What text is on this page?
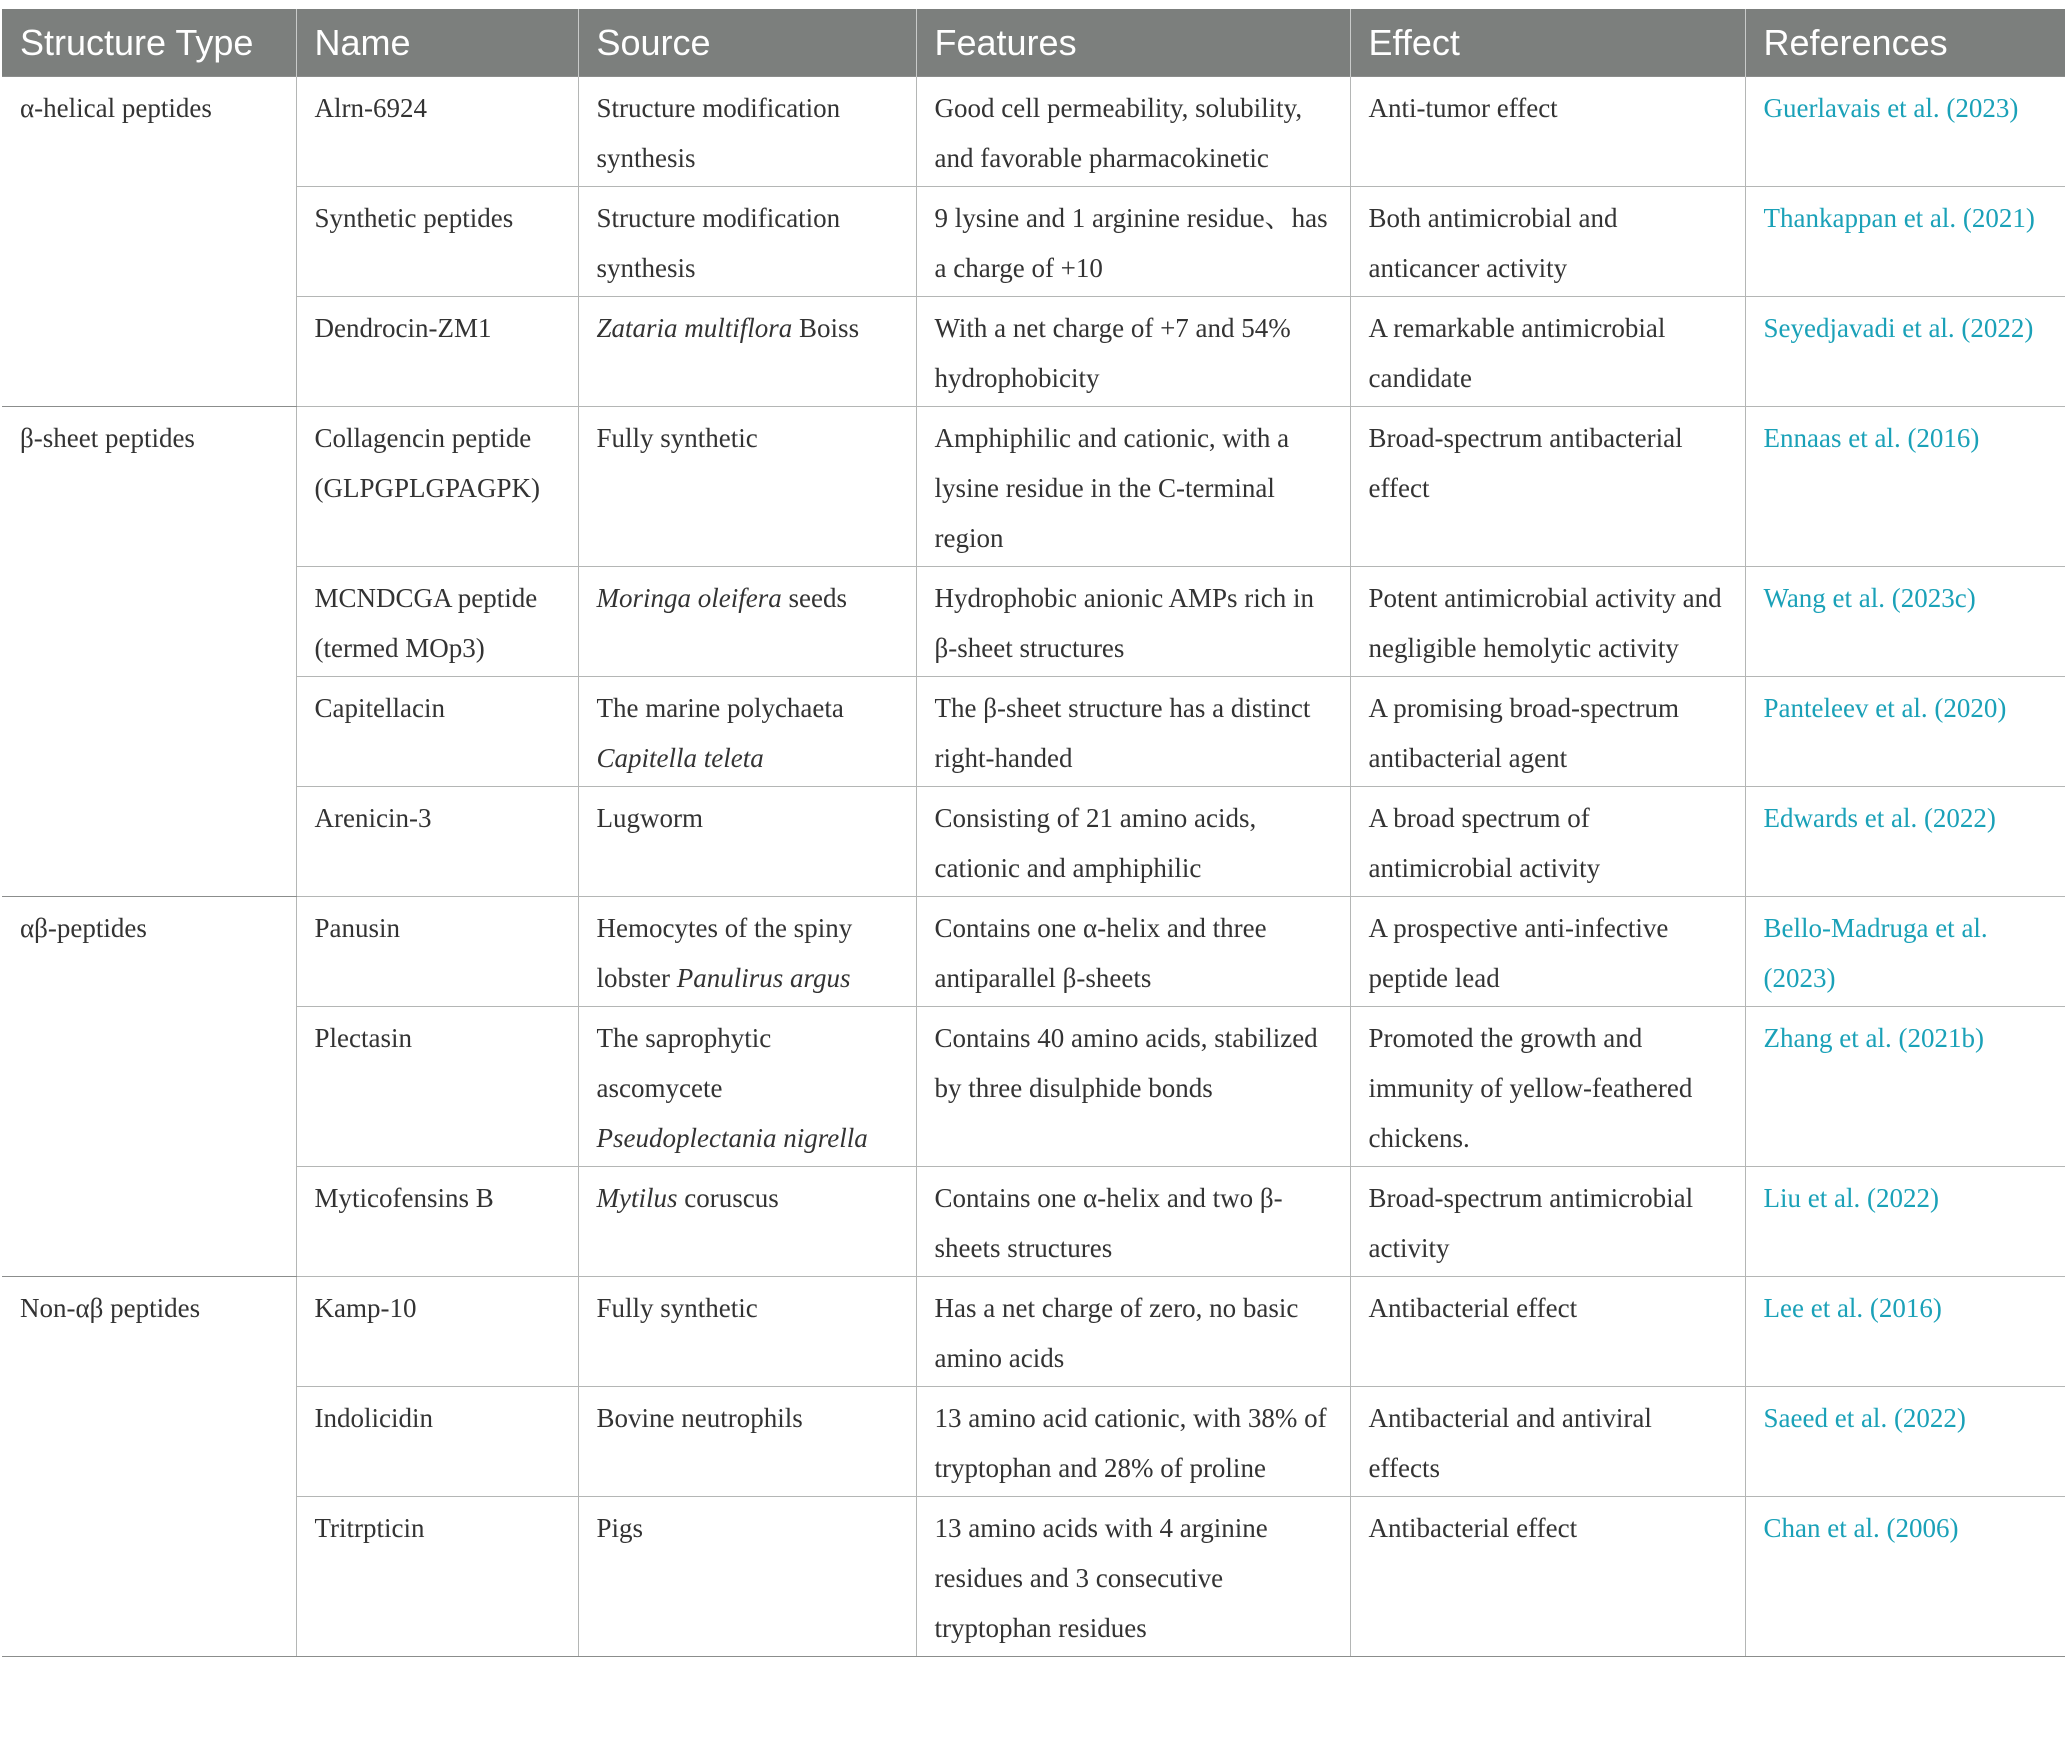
Structure Type	Name	Source	Features	Effect	References
α-helical peptides	Alrn-6924	Structure modification synthesis	Good cell permeability, solubility, and favorable pharmacokinetic	Anti-tumor effect	Guerlavais et al. (2023)
	Synthetic peptides	Structure modification synthesis	9 lysine and 1 arginine residue、has a charge of +10	Both antimicrobial and anticancer activity	Thankappan et al. (2021)
	Dendrocin-ZM1	Zataria multiflora Boiss	With a net charge of +7 and 54% hydrophobicity	A remarkable antimicrobial candidate	Seyedjavadi et al. (2022)
β-sheet peptides	Collagencin peptide (GLPGPLGPAGPK)	Fully synthetic	Amphiphilic and cationic, with a lysine residue in the C-terminal region	Broad-spectrum antibacterial effect	Ennaas et al. (2016)
	MCNDCGA peptide (termed MOp3)	Moringa oleifera seeds	Hydrophobic anionic AMPs rich in β-sheet structures	Potent antimicrobial activity and negligible hemolytic activity	Wang et al. (2023c)
	Capitellacin	The marine polychaeta Capitella teleta	The β-sheet structure has a distinct right-handed	A promising broad-spectrum antibacterial agent	Panteleev et al. (2020)
	Arenicin-3	Lugworm	Consisting of 21 amino acids, cationic and amphiphilic	A broad spectrum of antimicrobial activity	Edwards et al. (2022)
αβ-peptides	Panusin	Hemocytes of the spiny lobster Panulirus argus	Contains one α-helix and three antiparallel β-sheets	A prospective anti-infective peptide lead	Bello-Madruga et al. (2023)
	Plectasin	The saprophytic ascomycete Pseudoplectania nigrella	Contains 40 amino acids, stabilized by three disulphide bonds	Promoted the growth and immunity of yellow-feathered chickens.	Zhang et al. (2021b)
	Myticofensins B	Mytilus coruscus	Contains one α-helix and two β-sheets structures	Broad-spectrum antimicrobial activity	Liu et al. (2022)
Non-αβ peptides	Kamp-10	Fully synthetic	Has a net charge of zero, no basic amino acids	Antibacterial effect	Lee et al. (2016)
	Indolicidin	Bovine neutrophils	13 amino acid cationic, with 38% of tryptophan and 28% of proline	Antibacterial and antiviral effects	Saeed et al. (2022)
	Tritrpticin	Pigs	13 amino acids with 4 arginine residues and 3 consecutive tryptophan residues	Antibacterial effect	Chan et al. (2006)
